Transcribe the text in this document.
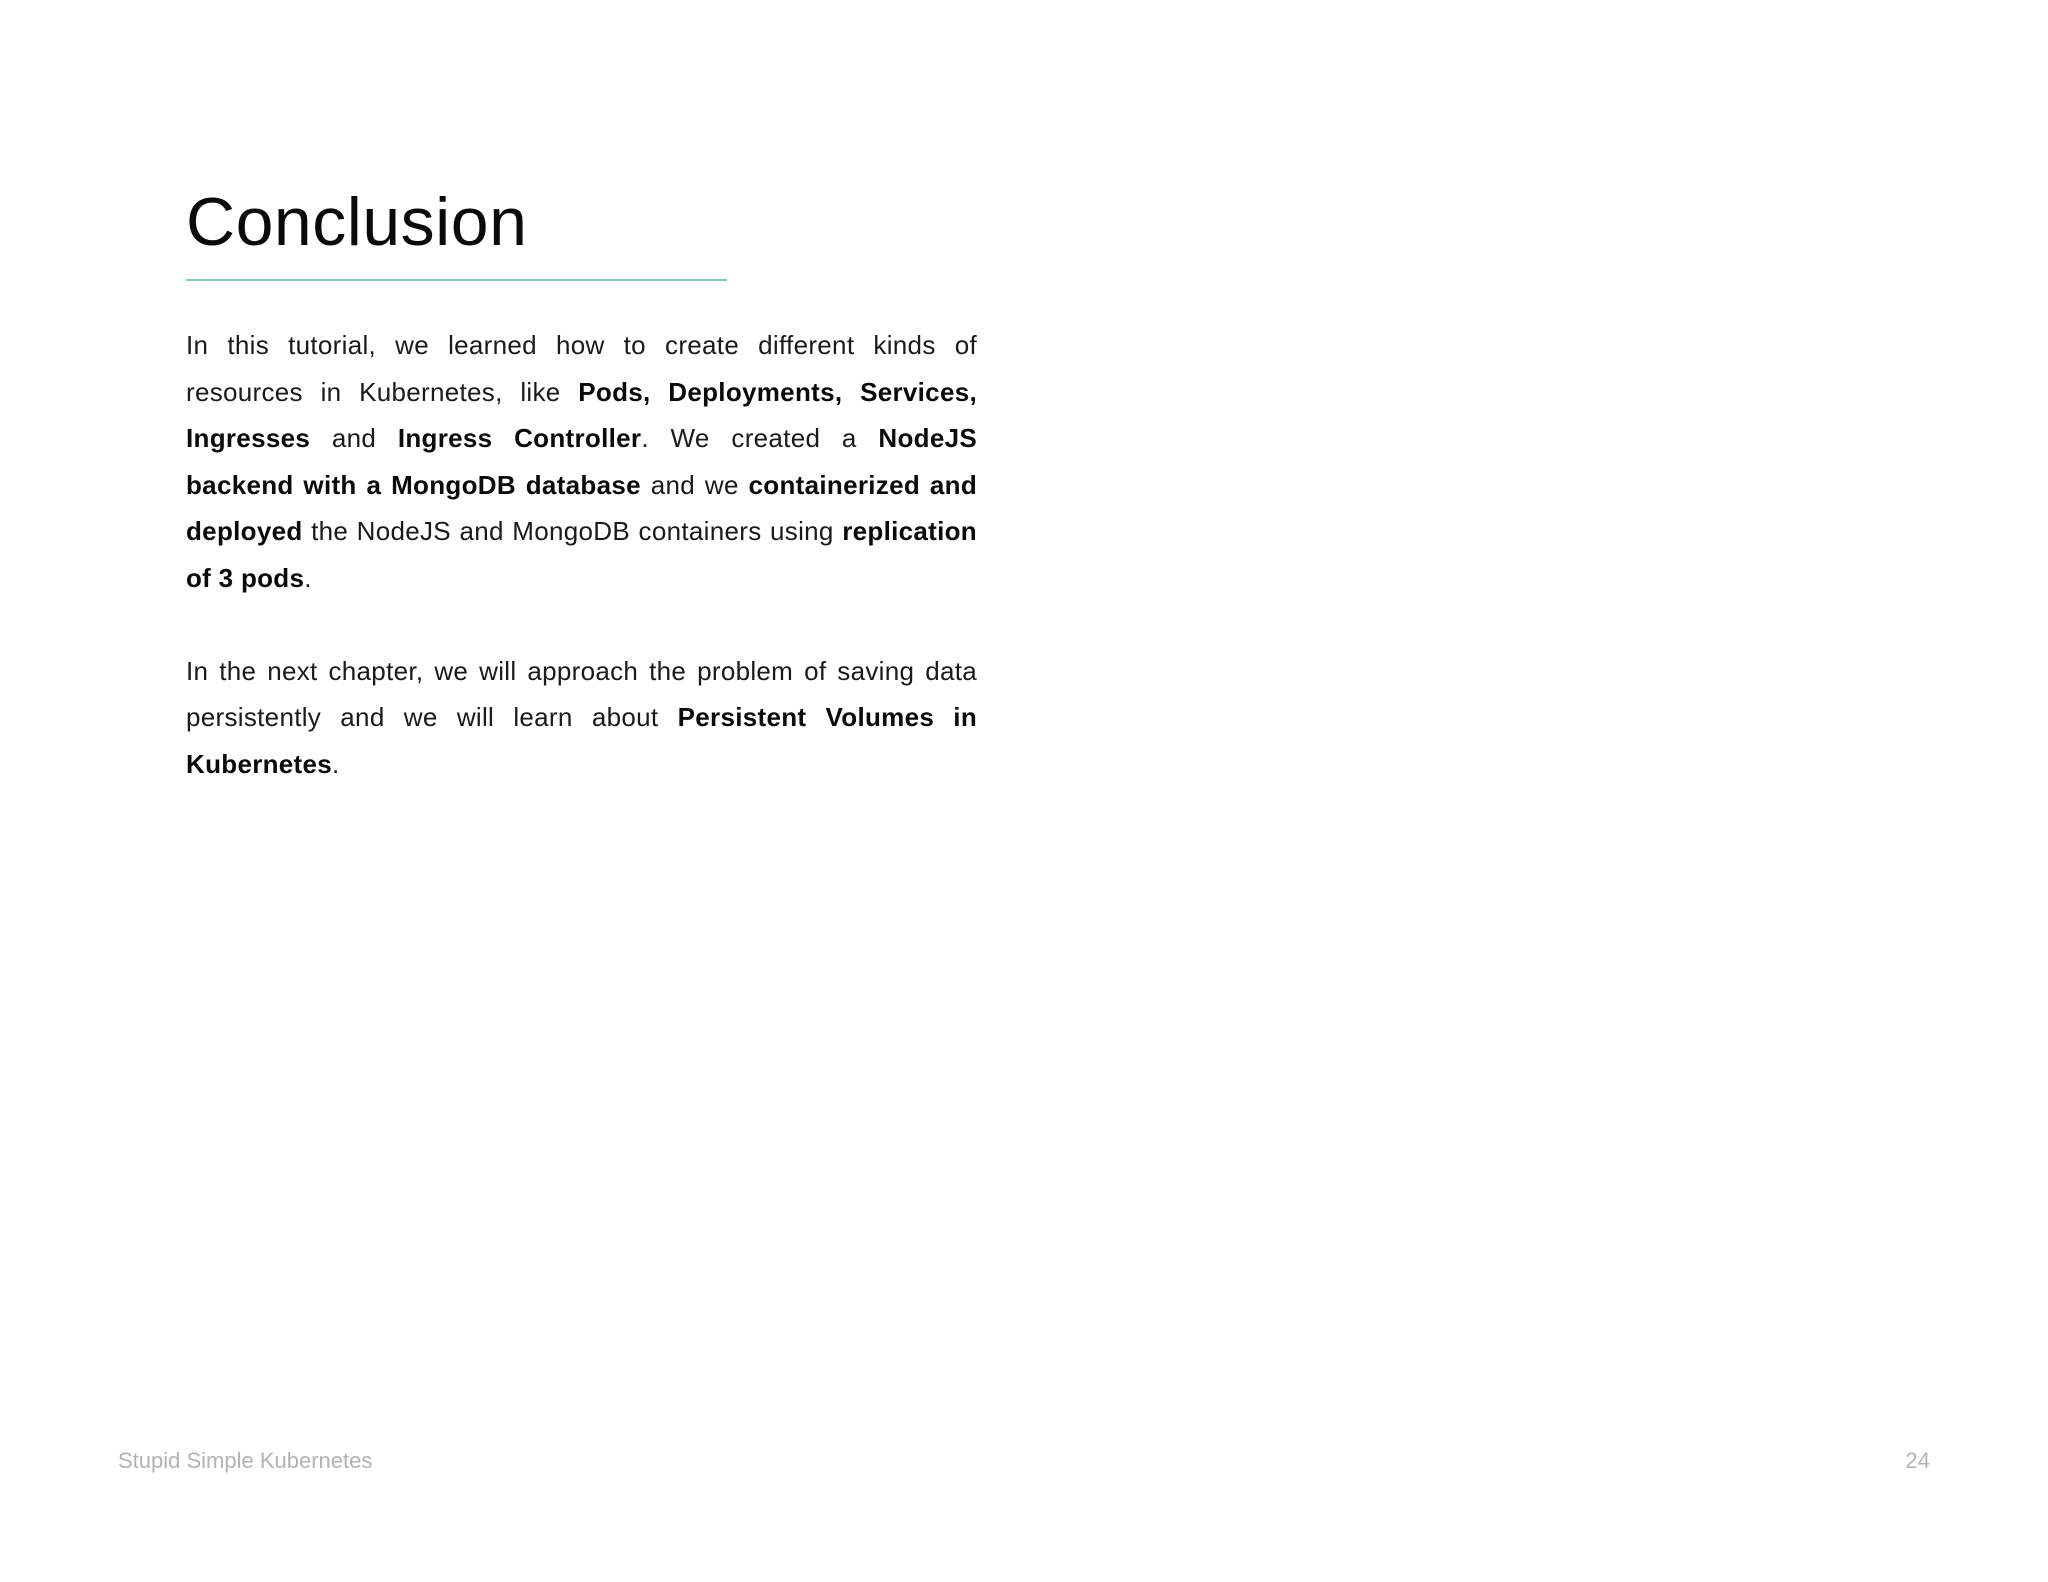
Conclusion

In this tutorial, we learned how to create different kinds of resources in Kubernetes, like Pods, Deployments, Services, Ingresses and Ingress Controller. We created a NodeJS backend with a MongoDB database and we containerized and deployed the NodeJS and MongoDB containers using replication of 3 pods.

In the next chapter, we will approach the problem of saving data persistently and we will learn about Persistent Volumes in Kubernetes.

Stupid Simple Kubernetes	24
